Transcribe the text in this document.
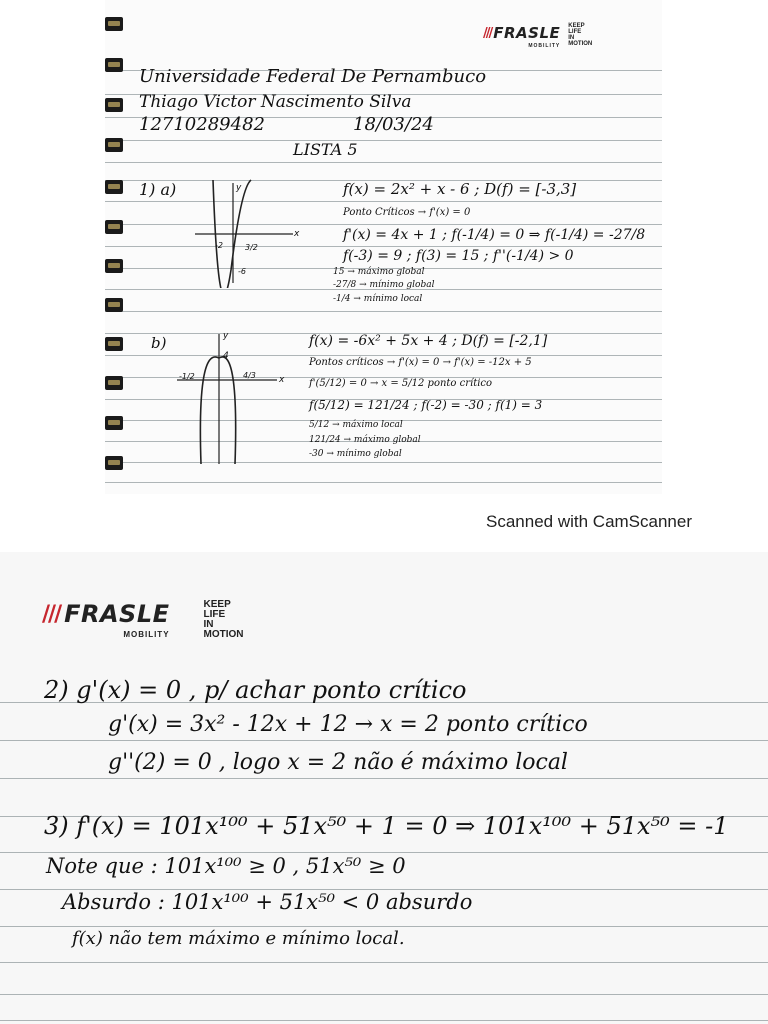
/// FRASLE
MOBILITY
KEEP
LIFE
IN
MOTION
Universidade Federal De Pernambuco
Thiago Victor Nascimento Silva
12710289482	18/03/24
LISTA 5
1) a)	y
x
-2	3/2
-6
f(x) = 2x² + x - 6 ; D(f) = [-3,3]
Ponto Críticos → f'(x) = 0
f'(x) = 4x + 1 ; f(-1/4) = 0 ⇒ f(-1/4) = -27/8
f(-3) = 9 ; f(3) = 15 ; f''(-1/4) > 0
15 → máximo global
-27/8 → mínimo global
-1/4 → mínimo local
b)	y
x
4
-1/2	4/3
f(x) = -6x² + 5x + 4 ; D(f) = [-2,1]
Pontos críticos → f'(x) = 0 → f'(x) = -12x + 5
f'(5/12) = 0 → x = 5/12 ponto crítico
f(5/12) = 121/24 ; f(-2) = -30 ; f(1) = 3
5/12 → máximo local
121/24 → máximo global
-30 → mínimo global
Scanned with CamScanner
/// FRASLE
MOBILITY
KEEP
LIFE
IN
MOTION
2) g'(x) = 0 , p/ achar ponto crítico
g'(x) = 3x² - 12x + 12 → x = 2 ponto crítico
g''(2) = 0 , logo x = 2 não é máximo local
3) f'(x) = 101x¹⁰⁰ + 51x⁵⁰ + 1 = 0 ⇒ 101x¹⁰⁰ + 51x⁵⁰ = -1
Note que : 101x¹⁰⁰ ≥ 0 , 51x⁵⁰ ≥ 0
Absurdo : 101x¹⁰⁰ + 51x⁵⁰ < 0 absurdo
f(x) não tem máximo e mínimo local.
